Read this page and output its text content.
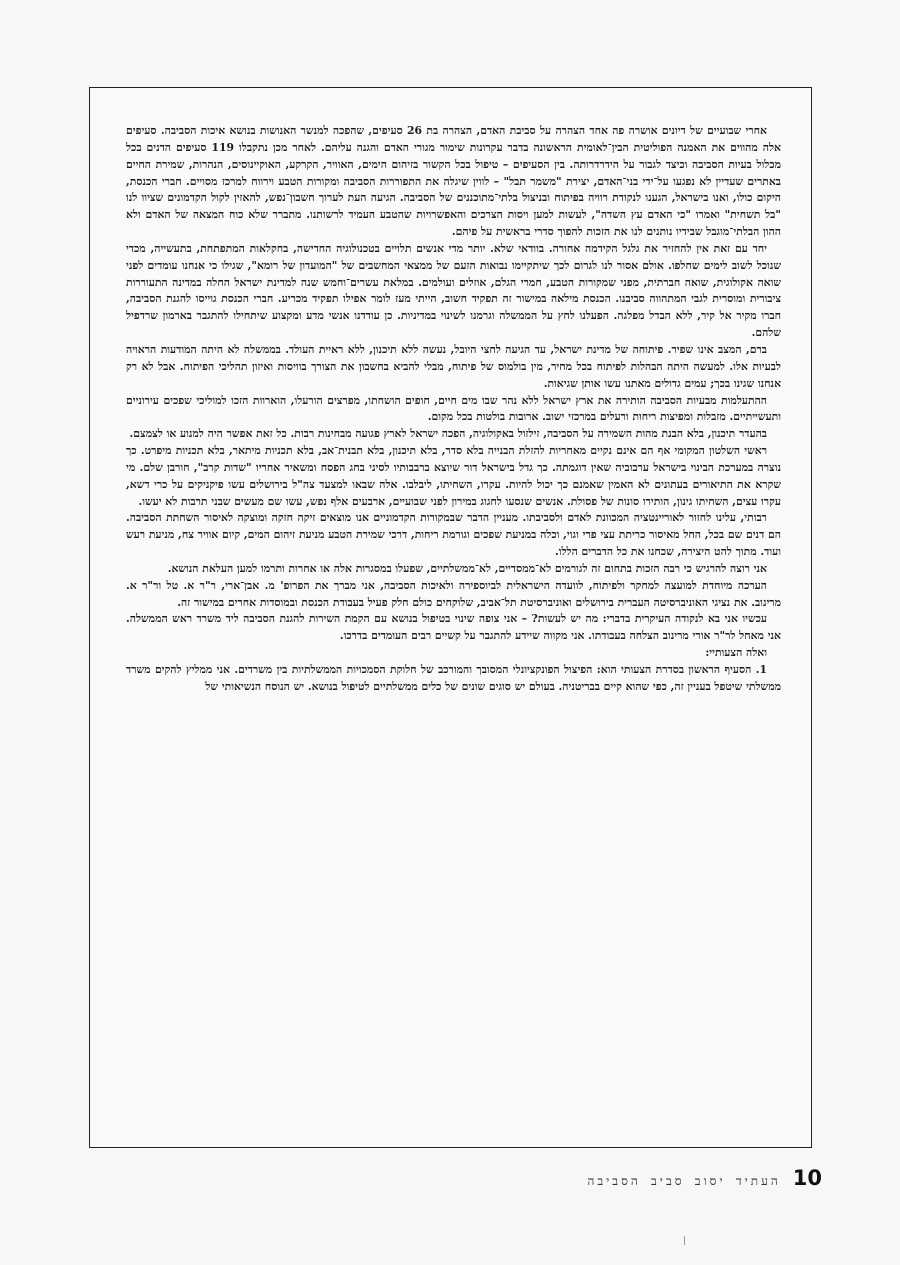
אחרי שבועיים של דיונים אושרה פה אחד הצהרה על סביבת האדם, הצהרה בת 26 סעיפים, שהפכה למנשר האנושות בנושא איכות הסביבה. סעיפים אלה מהווים את האמנה הפוליטית הבין־לאומית הראשונה בדבר עקרונות שימור מגורי האדם והגנה עליהם. לאחר מכן נתקבלו 119 סעיפים הדנים בכל מכלול בעיות הסביבה וכיצד לגבור על הידרדרותה. בין הסעיפים – טיפול בכל הקשור בזיהום הימים, האוויר, הקרקע, האוקיינוסים, הנהרות, שמירת החיים באתרים שעדיין לא נפגעו על־ידי בני־האדם, יצירת "משמר תבל" – לווין שיגלה את התפוררות הסביבה ומקורות הטבע וירווח למרכז מסויים. חברי הכנסת, היקום כולו, ואנו בישראל, הגענו לנקודת רוויה בפיתוח ובניצול בלתי־מתוכננים של הסביבה. הגיעה העת לערוך חשבון־נפש, להאזין לקול הקדמונים שציוו לנו "בל תשחית" ואמרו "כי האדם עץ השדה", לעשות למען ויסות הצרכים והאפשרויות שהטבע העמיד לרשותנו. מתברר שלא כוח המצאה של האדם ולא ההון הבלתי־מוגבל שבידיו נותנים לנו את הזכות להפוך סדרי בראשית על פיהם.

יחד עם זאת אין להחזיר את גלגל הקידמה אחורה. בוודאי שלא. יותר מדי אנשים תלויים בטכנולוגיה החדישה, בחקלאות המתפתחת, בתעשייה, מכדי שנוכל לשוב לימים שחלפו. אולם אסור לנו לגרום לכך שיתקיימו נבואות הזעם של ממצאי המחשבים של "המועדון של רומא", שגילו כי אנחנו עומדים לפני שואה אקולוגית, שואה חברתית, מפני שמקורות הטבע, חמרי הגלם, אוזלים ועולמים. במלאת עשרים־וחמש שנה למדינת ישראל החלה במדינה התעוררות ציבורית ומוסרית לגבי המתהווה סביבנו. הכנסת מילאה במישור זה תפקיד חשוב, הייתי מעז לומר אפילו תפקיד מכריע. חברי הכנסת גוייסו להגנת הסביבה, חברו מקיר אל קיר, ללא הבדל מפלגה. הפעלנו לחץ על הממשלה וגרמנו לשינוי במדיניות. כן עודדנו אנשי מדע ומקצוע שיתחילו להתגבר בארמון שרדפיל שלהם.

ברם, המצב אינו שפיר. פיתוחה של מדינת ישראל, עד הגיעה לחצי היובל, נעשה ללא תיכנון, ללא ראיית העולד. בממשלה לא היתה המודעות הראויה לבעיות אלו. למעשה היתה הבהלות לפיתוח בכל מחיר, מין בולמוס של פיתוח, מבלי להביא בחשבון את הצורך בוויסות ואיזון תהליכי הפיתוח. אבל לא רק אנחנו שגינו בכך; עמים גדולים מאתנו עשו אותן שגיאות.

ההתעלמות מבעיות הסביבה הותירה את ארץ ישראל ללא נהר שבו מים חיים, חופים הושחתו, מפרצים הורעלו, הוארוות הזכו למוליכי שפכים עירוניים ותעשייתיים. מזבלות ומפיצות ריחות ורעלים במרכזי ישוב. ארובות בולטות בכל מקום.

בהעדר תיכנון, בלא הבנת מהות השמירה על הסביבה, זילזול באקולוגיה, הפכה ישראל לארץ פגועה מבחינות רבות. כל זאת אפשר היה למנוע או לצמצם.

ראשי השלטון המקומי אף הם אינם נקיים מאחריות להזלת הבנייה בלא סדר, בלא תיכנון, בלא תבנית־אב, בלא תכניות מיתאר, בלא תכניות מיפרט. כך נוצרה במערכת הבינוי בישראל ערבוביה שאין דוגמתה. כך גדל בישראל דור שיוצא ברבבותיו לסיני בחג הפסח ומשאיר אחריו "שדות קרב", חורבן שלם. מי שקרא את התיאורים בעתונים לא האמין שאמנם כך יכול להיות. עקרו, השחיתו, ליבלבו. אלה שבאו למצעד צה"ל בירושלים עשו פיקניקים על כרי דשא, עקרו עצים, השחיתו גינון, הותירו סונות של פסולת. אנשים שנסעו לחגוג במירון לפני שבועיים, ארבעים אלף נפש, עשו שם מעשים שבני תרבות לא יעשו.

רבותי, עלינו לחזור לאוריינטציה המכוונת לאדם ולסביבתו. מעניין הדבר שבמקורות הקדמוניים אנו מוצאים זיקה חזקה ומוצקה לאיסור השחתת הסביבה. הם דנים שם בכל, החל מאיסור כריתת עצי פרי וגוי, וכלה במניעת שפכים וגורמת ריחות, דרכי שמירת הטבע מניעת זיהום המים, קיום אוויר צח, מניעת רעש ועוד. מתוך להט היצירה, שכחנו את כל הדברים הללו.

אני רוצה להרגיש כי רבה הזכות בתחום זה לגורמים לא־ממסדיים, לא־ממשלתיים, שפעלו במסגרות אלה או אחרות ותרמו למען העלאת הנושא.

הערכה מיוחדת למועצה למחקר ולפיתוח, לוועדה הישראלית לביוספירה ולאיכות הסביבה, אני מברך את הפרופ' מ. אבן־ארי, ר"ר א. טל ור"ר א. מרינוב. את נציגי האוניברסיטה העברית בירושלים ואוניברסיטת תל־אביב, שלוקחים כולם חלק פעיל בעבודת הכנסת ובמוסדות אחרים במישור זה.

עכשיו אני בא לנקודה העיקרית בדברי: מה יש לעשות? – אני צופה שינוי בטיפול בנושא עם הקמת השירות להגנת הסביבה ליד משרד ראש הממשלה. אני מאחל לר"ר אורי מרינוב הצלחה בעבודתו. אני מקווה שיידע להתגבר על קשיים רבים העומדים בדרכו.

ואלה הצעותיי:

1. הסעיף הראשון בסדרת הצעותי הוא: הפיצול הפונקציונלי המסובך והמורכב של חלוקת הסמכויות הממשלתיות בין משרדים. אני ממליץ להקים משרד ממשלתי שיטפל בעניין זה, כפי שהוא קיים בבריטניה. בעולם יש סוגים שונים של כלים ממשלתיים לטיפול בנושא. יש הנוסח הנשיאותי של

10
העתיד יסוב סביב הסביבה
